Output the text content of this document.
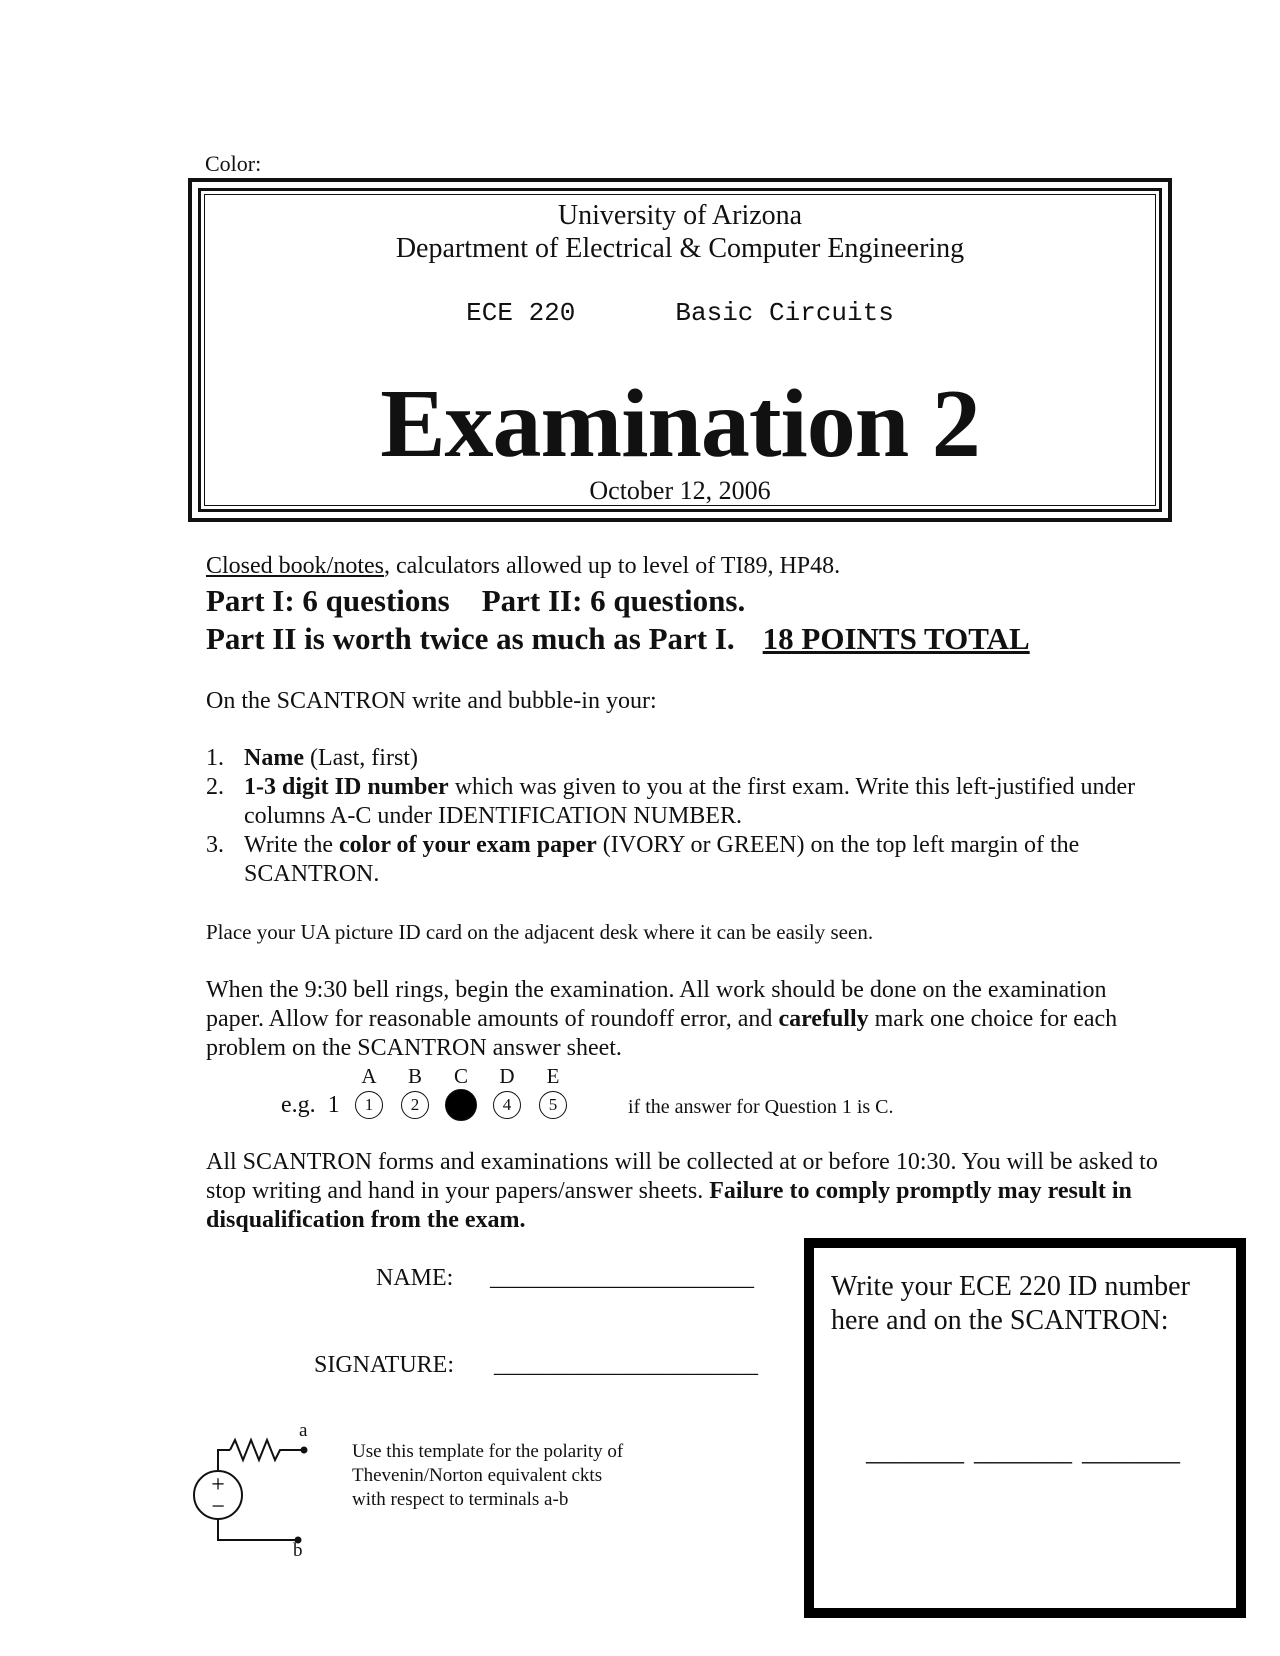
Color:
University of Arizona
Department of Electrical & Computer Engineering
ECE 220	Basic Circuits
Examination 2
October 12, 2006
Closed book/notes, calculators allowed up to level of TI89, HP48.
Part I: 6 questions Part II: 6 questions.
Part II is worth twice as much as Part I. 18 POINTS TOTAL
On the SCANTRON write and bubble-in your:
1. Name (Last, first)
2. 1-3 digit ID number which was given to you at the first exam. Write this left-justified under columns A-C under IDENTIFICATION NUMBER.
3. Write the color of your exam paper (IVORY or GREEN) on the top left margin of the SCANTRON.
Place your UA picture ID card on the adjacent desk where it can be easily seen.
When the 9:30 bell rings, begin the examination. All work should be done on the examination paper. Allow for reasonable amounts of roundoff error, and carefully mark one choice for each problem on the SCANTRON answer sheet.
e.g. 1
A	B	C	D	E
1	2	4	5	if the answer for Question 1 is C.
All SCANTRON forms and examinations will be collected at or before 10:30. You will be asked to stop writing and hand in your papers/answer sheets. Failure to comply promptly may result in disqualification from the exam.
NAME: ______________________
SIGNATURE: ______________________
Write your ECE 220 ID number here and on the SCANTRON:
_______ _______ _______
+
−
a
b
Use this template for the polarity of Thevenin/Norton equivalent ckts with respect to terminals a-b
